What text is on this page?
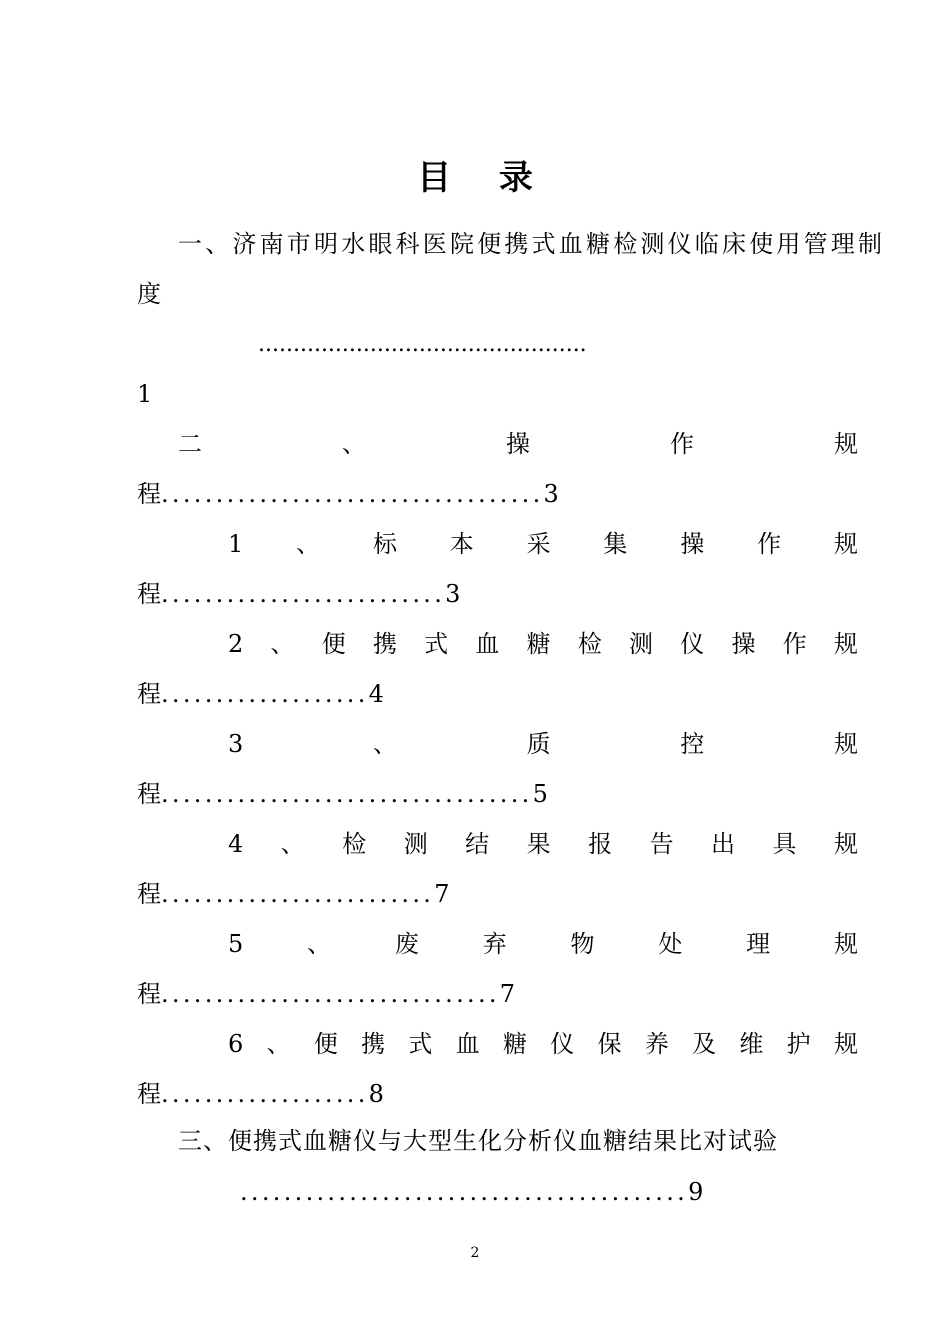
目 录
一、济南市明水眼科医院便携式血糖检测仪临床使用管理制
度
...............................................
1
二	、	操	作	规
程...................................3
1 、 标 本 采 集 操 作 规
程..........................3
2 、 便 携 式 血 糖 检 测 仪 操 作 规
程...................4
3	、	质	控	规
程..................................5
4 、 检 测 结 果 报 告 出 具 规
程.........................7
5	、	废	弃	物	处	理	规
程...............................7
6 、 便 携 式 血 糖 仪 保 养 及 维 护 规
程...................8
三、便携式血糖仪与大型生化分析仪血糖结果比对试验
.........................................9
2
